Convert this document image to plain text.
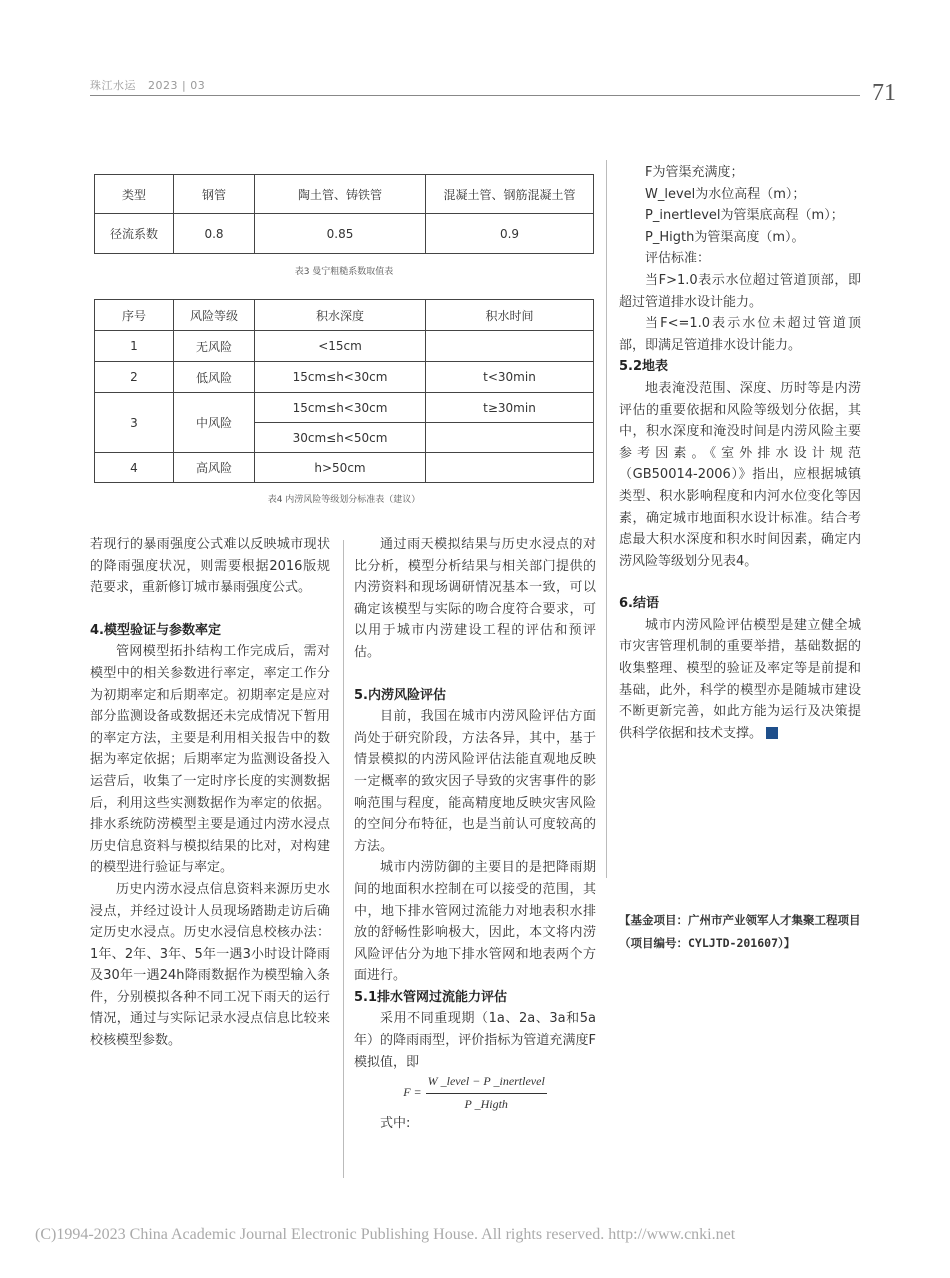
珠江水运 2023 | 03	71
类型	钢管	陶土管、铸铁管	混凝土管、钢筋混凝土管
径流系数	0.8	0.85	0.9
表3 曼宁粗糙系数取值表
序号	风险等级	积水深度	积水时间
1	无风险	<15cm	
2	低风险	15cm≤h<30cm	t<30min
3	中风险	15cm≤h<30cm	t≥30min
		30cm≤h<50cm	
4	高风险	h>50cm	
表4 内涝风险等级划分标准表（建议）

若现行的暴雨强度公式难以反映城市现状的降雨强度状况，则需要根据2016版规范要求，重新修订城市暴雨强度公式。

4.模型验证与参数率定

管网模型拓扑结构工作完成后，需对模型中的相关参数进行率定，率定工作分为初期率定和后期率定。初期率定是应对部分监测设备或数据还未完成情况下暂用的率定方法，主要是利用相关报告中的数据为率定依据；后期率定为监测设备投入运营后，收集了一定时序长度的实测数据后，利用这些实测数据作为率定的依据。排水系统防涝模型主要是通过内涝水浸点历史信息资料与模拟结果的比对，对构建的模型进行验证与率定。

历史内涝水浸点信息资料来源历史水浸点，并经过设计人员现场踏勘走访后确定历史水浸点。历史水浸信息校核办法：1年、2年、3年、5年一遇3小时设计降雨及30年一遇24h降雨数据作为模型输入条件，分别模拟各种不同工况下雨天的运行情况，通过与实际记录水浸点信息比较来校核模型参数。

通过雨天模拟结果与历史水浸点的对比分析，模型分析结果与相关部门提供的内涝资料和现场调研情况基本一致，可以确定该模型与实际的吻合度符合要求，可以用于城市内涝建设工程的评估和预评估。

5.内涝风险评估

目前，我国在城市内涝风险评估方面尚处于研究阶段，方法各异，其中，基于情景模拟的内涝风险评估法能直观地反映一定概率的致灾因子导致的灾害事件的影响范围与程度，能高精度地反映灾害风险的空间分布特征，也是当前认可度较高的方法。

城市内涝防御的主要目的是把降雨期间的地面积水控制在可以接受的范围，其中，地下排水管网过流能力对地表积水排放的舒畅性影响极大，因此，本文将内涝风险评估分为地下排水管网和地表两个方面进行。

5.1排水管网过流能力评估

采用不同重现期（1a、2a、3a和5a年）的降雨雨型，评价指标为管道充满度F模拟值，即

$F = \frac{\text{W \_level − P \_inertlevel}}{\text{P \_Higth}}$

式中:

F为管渠充满度；

W_level为水位高程（m）；

P_inertlevel为管渠底高程（m）；

P_Higth为管渠高度（m）。

评估标准：

当F>1.0表示水位超过管道顶部，即超过管道排水设计能力。

当F<=1.0表示水位未超过管道顶部，即满足管道排水设计能力。

5.2地表

地表淹没范围、深度、历时等是内涝评估的重要依据和风险等级划分依据，其中，积水深度和淹没时间是内涝风险主要参考因素。《室外排水设计规范（GB50014-2006）》指出，应根据城镇类型、积水影响程度和内河水位变化等因素，确定城市地面积水设计标准。结合考虑最大积水深度和积水时间因素，确定内涝风险等级划分见表4。

6.结语

城市内涝风险评估模型是建立健全城市灾害管理机制的重要举措，基础数据的收集整理、模型的验证及率定等是前提和基础，此外，科学的模型亦是随城市建设不断更新完善，如此方能为运行及决策提供科学依据和技术支撑。

【基金项目：广州市产业领军人才集聚工程项目（项目编号：CYLJTD-201607）】
(C)1994-2023 China Academic Journal Electronic Publishing House. All rights reserved. http://www.cnki.net
